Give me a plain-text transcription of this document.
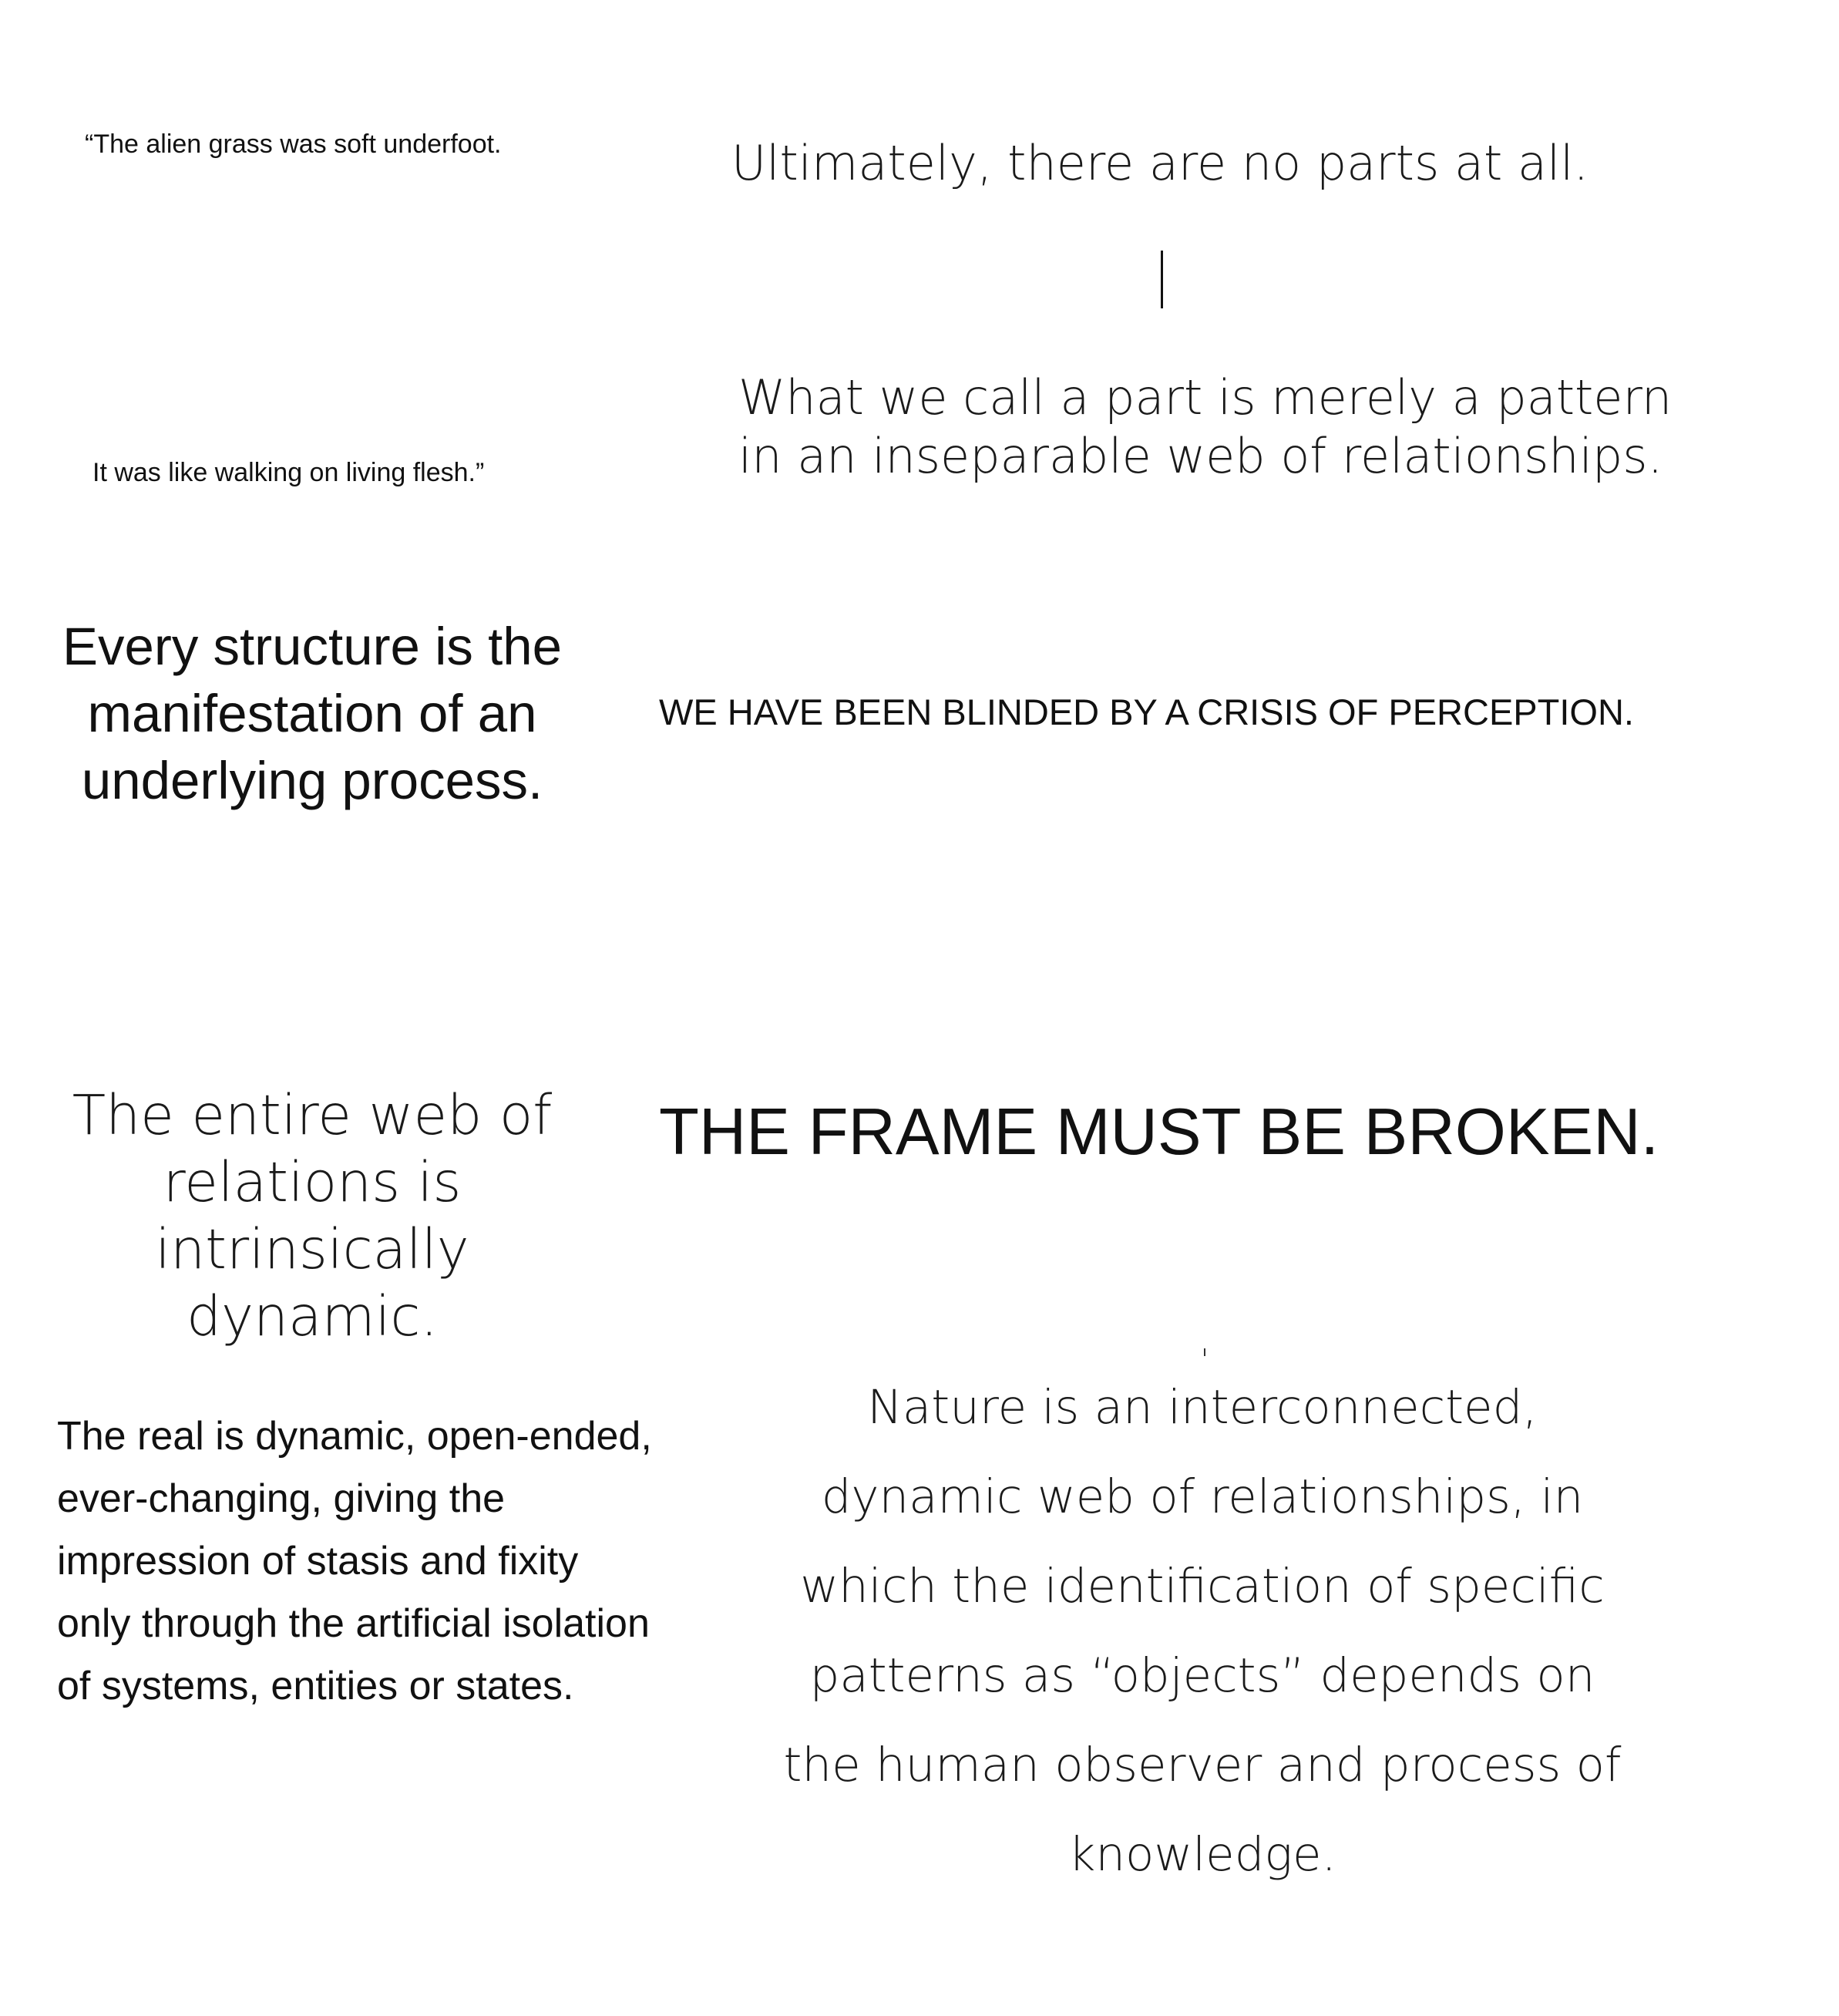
“The alien grass was soft underfoot.

It was like walking on living flesh.”

Ultimately, there are no parts at all.

What we call a part is merely a pattern
in an inseparable web of relationships.

Every structure is the manifestation of an underlying process.

WE HAVE BEEN BLINDED BY A CRISIS OF PERCEPTION.

The entire web of relations is intrinsically dynamic.

THE FRAME MUST BE BROKEN.

The real is dynamic, open-ended,
ever-changing, giving the
impression of stasis and fixity
only through the artificial isolation
of systems, entities or states.

Nature is an interconnected,
dynamic web of relationships, in
which the identification of specific
patterns as “objects” depends on
the human observer and process of
knowledge.
